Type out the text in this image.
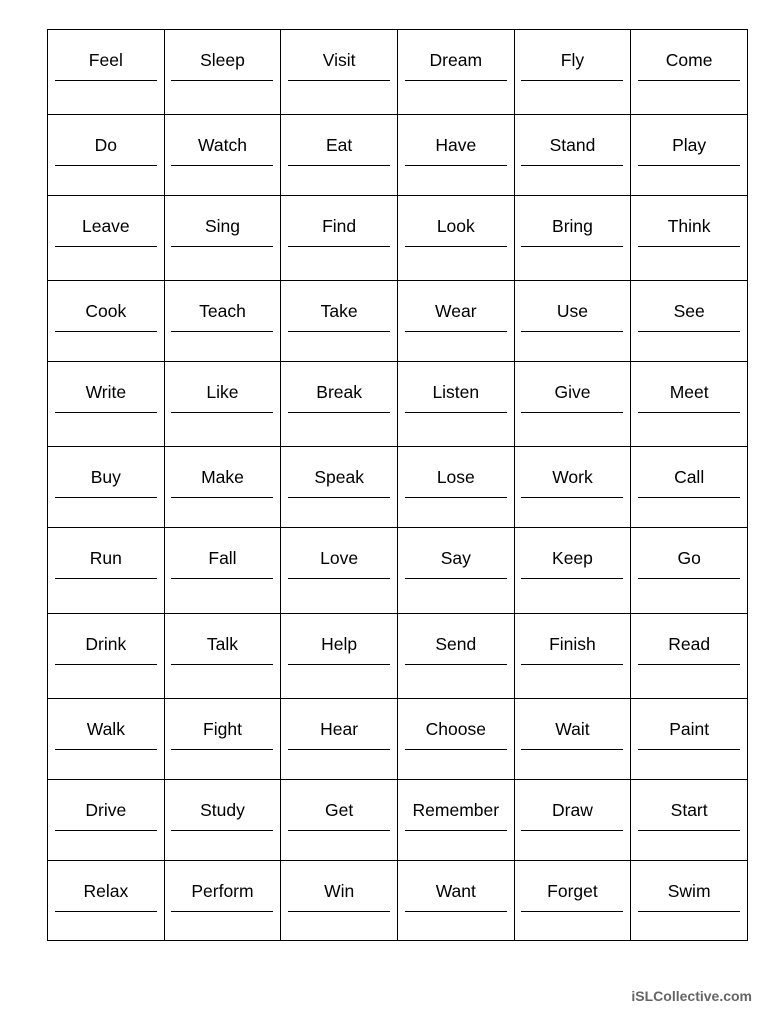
Feel	Sleep	Visit	Dream	Fly	Come

Do	Watch	Eat	Have	Stand	Play

Leave	Sing	Find	Look	Bring	Think

Cook	Teach	Take	Wear	Use	See

Write	Like	Break	Listen	Give	Meet

Buy	Make	Speak	Lose	Work	Call

Run	Fall	Love	Say	Keep	Go

Drink	Talk	Help	Send	Finish	Read

Walk	Fight	Hear	Choose	Wait	Paint

Drive	Study	Get	Remember	Draw	Start

Relax	Perform	Win	Want	Forget	Swim
iSLCollective.com
